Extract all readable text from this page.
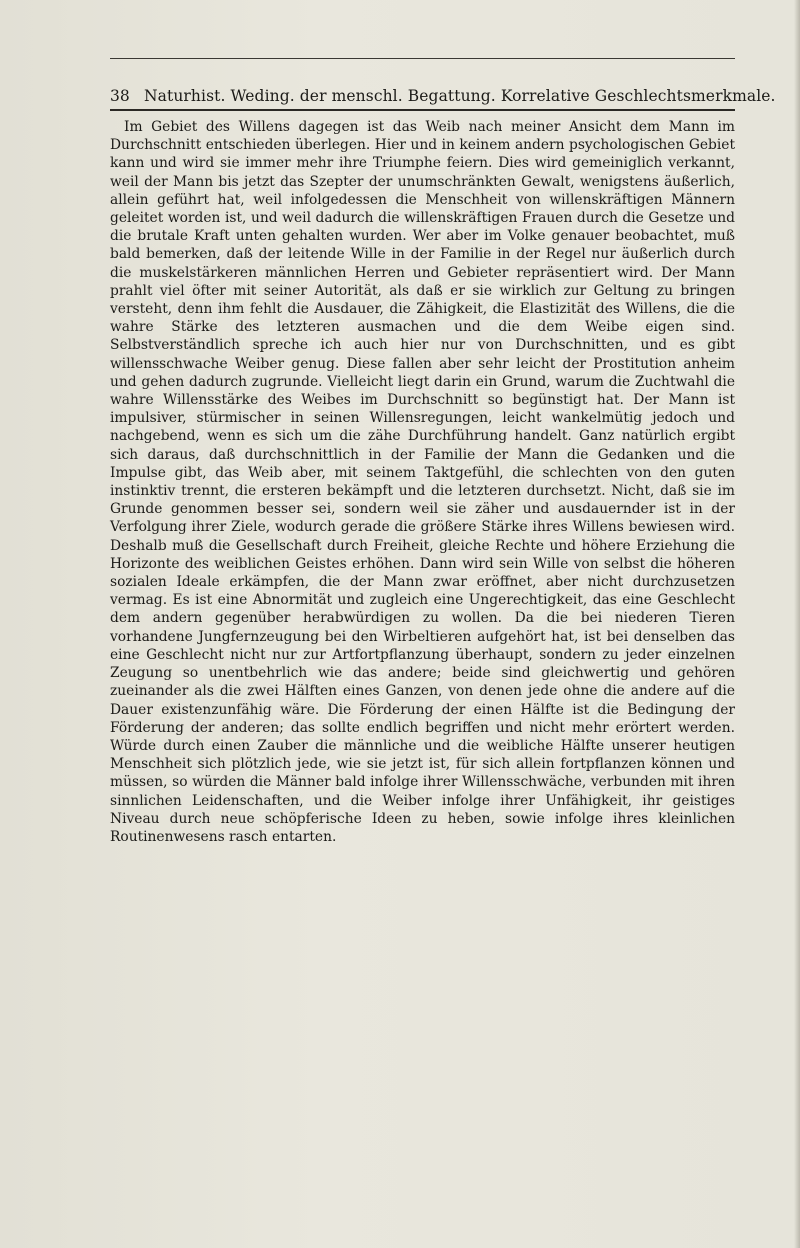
38 Naturhist. Weding. der menschl. Begattung. Korrelative Geschlechtsmerkmale.

Im Gebiet des Willens dagegen ist das Weib nach meiner Ansicht dem Mann im Durchschnitt entschieden überlegen. Hier und in keinem andern psychologischen Gebiet kann und wird sie immer mehr ihre Triumphe feiern. Dies wird gemeiniglich verkannt, weil der Mann bis jetzt das Szepter der unumschränkten Gewalt, wenigstens äußerlich, allein geführt hat, weil infolgedessen die Menschheit von willenskräftigen Männern geleitet worden ist, und weil dadurch die willenskräftigen Frauen durch die Gesetze und die brutale Kraft unten gehalten wurden. Wer aber im Volke genauer beobachtet, muß bald bemerken, daß der leitende Wille in der Familie in der Regel nur äußerlich durch die muskelstärkeren männlichen Herren und Gebieter repräsentiert wird. Der Mann prahlt viel öfter mit seiner Autorität, als daß er sie wirklich zur Geltung zu bringen versteht, denn ihm fehlt die Ausdauer, die Zähigkeit, die Elastizität des Willens, die die wahre Stärke des letzteren ausmachen und die dem Weibe eigen sind. Selbstverständlich spreche ich auch hier nur von Durchschnitten, und es gibt willensschwache Weiber genug. Diese fallen aber sehr leicht der Prostitution anheim und gehen dadurch zugrunde. Vielleicht liegt darin ein Grund, warum die Zuchtwahl die wahre Willensstärke des Weibes im Durchschnitt so begünstigt hat. Der Mann ist impulsiver, stürmischer in seinen Willensregungen, leicht wankelmütig jedoch und nachgebend, wenn es sich um die zähe Durchführung handelt. Ganz natürlich ergibt sich daraus, daß durchschnittlich in der Familie der Mann die Gedanken und die Impulse gibt, das Weib aber, mit seinem Taktgefühl, die schlechten von den guten instinktiv trennt, die ersteren bekämpft und die letzteren durchsetzt. Nicht, daß sie im Grunde genommen besser sei, sondern weil sie zäher und ausdauernder ist in der Verfolgung ihrer Ziele, wodurch gerade die größere Stärke ihres Willens bewiesen wird. Deshalb muß die Gesellschaft durch Freiheit, gleiche Rechte und höhere Erziehung die Horizonte des weiblichen Geistes erhöhen. Dann wird sein Wille von selbst die höheren sozialen Ideale erkämpfen, die der Mann zwar eröffnet, aber nicht durchzusetzen vermag. Es ist eine Abnormität und zugleich eine Ungerechtigkeit, das eine Geschlecht dem andern gegenüber herabwürdigen zu wollen. Da die bei niederen Tieren vorhandene Jungfernzeugung bei den Wirbeltieren aufgehört hat, ist bei denselben das eine Geschlecht nicht nur zur Artfortpflanzung überhaupt, sondern zu jeder einzelnen Zeugung so unentbehrlich wie das andere; beide sind gleichwertig und gehören zueinander als die zwei Hälften eines Ganzen, von denen jede ohne die andere auf die Dauer existenzunfähig wäre. Die Förderung der einen Hälfte ist die Bedingung der Förderung der anderen; das sollte endlich begriffen und nicht mehr erörtert werden. Würde durch einen Zauber die männliche und die weibliche Hälfte unserer heutigen Menschheit sich plötzlich jede, wie sie jetzt ist, für sich allein fortpflanzen können und müssen, so würden die Männer bald infolge ihrer Willensschwäche, verbunden mit ihren sinnlichen Leidenschaften, und die Weiber infolge ihrer Unfähigkeit, ihr geistiges Niveau durch neue schöpferische Ideen zu heben, sowie infolge ihres kleinlichen Routinenwesens rasch entarten.
